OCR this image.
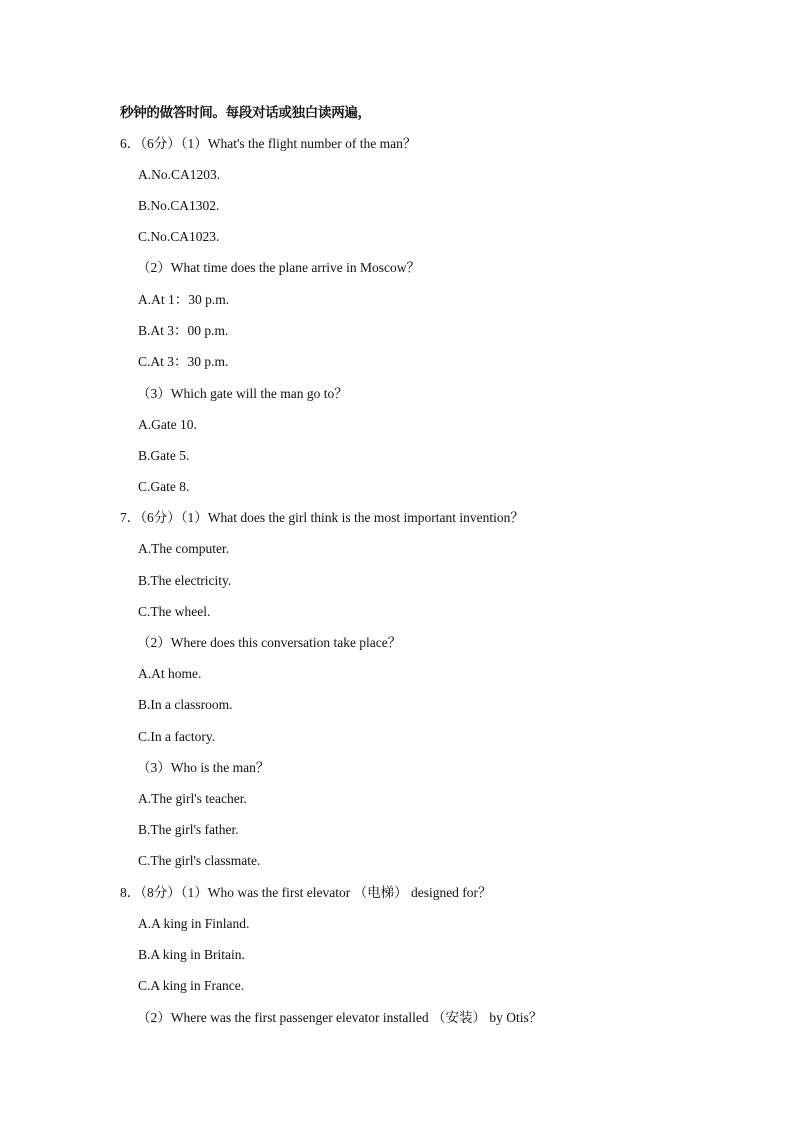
秒钟的做答时间。每段对话或独白读两遍，
6．（6分）（1）What's the flight number of the man？
A.No.CA1203.
B.No.CA1302.
C.No.CA1023.
（2）What time does the plane arrive in Moscow？
A.At 1：30 p.m.
B.At 3：00 p.m.
C.At 3：30 p.m.
（3）Which gate will the man go to？
A.Gate 10.
B.Gate 5.
C.Gate 8.
7．（6分）（1）What does the girl think is the most important invention？
A.The computer.
B.The electricity.
C.The wheel.
（2）Where does this conversation take place？
A.At home.
B.In a classroom.
C.In a factory.
（3）Who is the man？
A.The girl's teacher.
B.The girl's father.
C.The girl's classmate.
8．（8分）（1）Who was the first elevator （电梯） designed for？
A.A king in Finland.
B.A king in Britain.
C.A king in France.
（2）Where was the first passenger elevator installed （安装） by Otis？
